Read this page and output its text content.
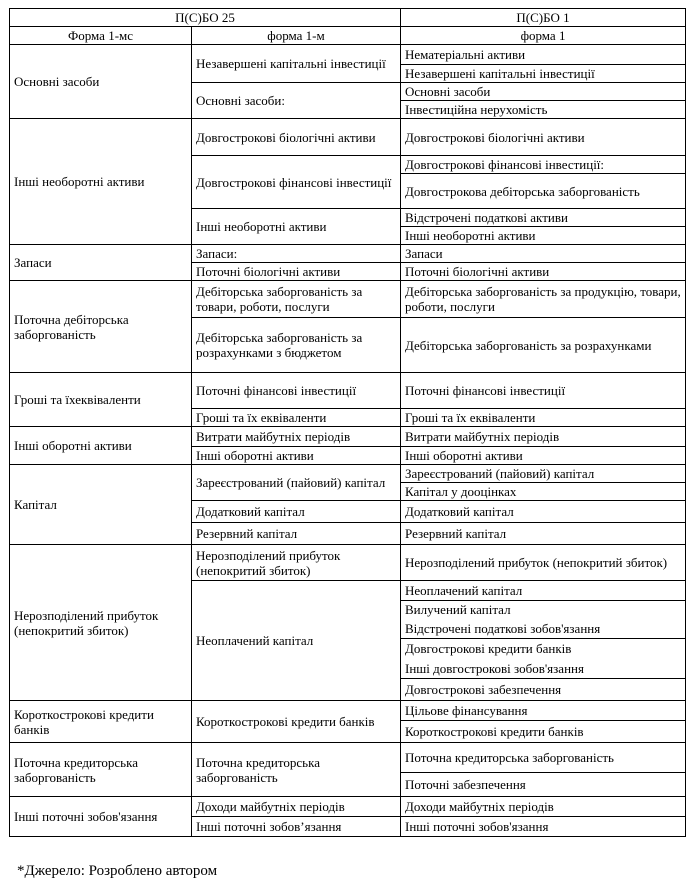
П(С)БО 25		П(С)БО 1
Форма 1-мс	форма 1-м	форма 1
Основні засоби	Незавершені капітальні інвестиції	Нематеріальні активи
		Незавершені капітальні інвестиції
	Основні засоби:	Основні засоби
		Інвестиційна нерухомість
Інші необоротні активи	Довгострокові біологічні активи	Довгострокові біологічні активи
	Довгострокові фінансові інвестиції	Довгострокові фінансові інвестиції:
		Довгострокова дебіторська заборгованість
	Інші необоротні активи	Відстрочені податкові активи
		Інші необоротні активи
Запаси	Запаси:	Запаси
	Поточні біологічні активи	Поточні біологічні активи
Поточна дебіторська заборгованість	Дебіторська заборгованість за товари, роботи, послуги	Дебіторська заборгованість за продукцію, товари, роботи, послуги
	Дебіторська заборгованість за розрахунками з бюджетом	Дебіторська заборгованість за розрахунками
Гроші та їхеквіваленти	Поточні фінансові інвестиції	Поточні фінансові інвестиції
	Гроші та їх еквіваленти	Гроші та їх еквіваленти
Інші оборотні активи	Витрати майбутніх періодів	Витрати майбутніх періодів
	Інші оборотні активи	Інші оборотні активи
Капітал	Зареєстрований (пайовий) капітал	Зареєстрований (пайовий) капітал
		Капітал у дооцінках
	Додатковий капітал	Додатковий капітал
	Резервний капітал	Резервний капітал
Нерозподілений прибуток (непокритий збиток)	Нерозподілений прибуток (непокритий збиток)	Нерозподілений прибуток (непокритий збиток)
	Неоплачений капітал	Неоплачений капітал
		Вилучений капітал
		Відстрочені податкові зобов'язання
		Довгострокові кредити банків
		Інші довгострокові зобов'язання
		Довгострокові забезпечення
Короткострокові кредити банків	Короткострокові кредити банків	Цільове фінансування
		Короткострокові кредити банків
Поточна кредиторська заборгованість	Поточна кредиторська заборгованість	Поточна кредиторська заборгованість
		Поточні забезпечення
Інші поточні зобов'язання	Доходи майбутніх періодів	Доходи майбутніх періодів
	Інші поточні зобов’язання	Інші поточні зобов'язання
*Джерело: Розроблено автором
